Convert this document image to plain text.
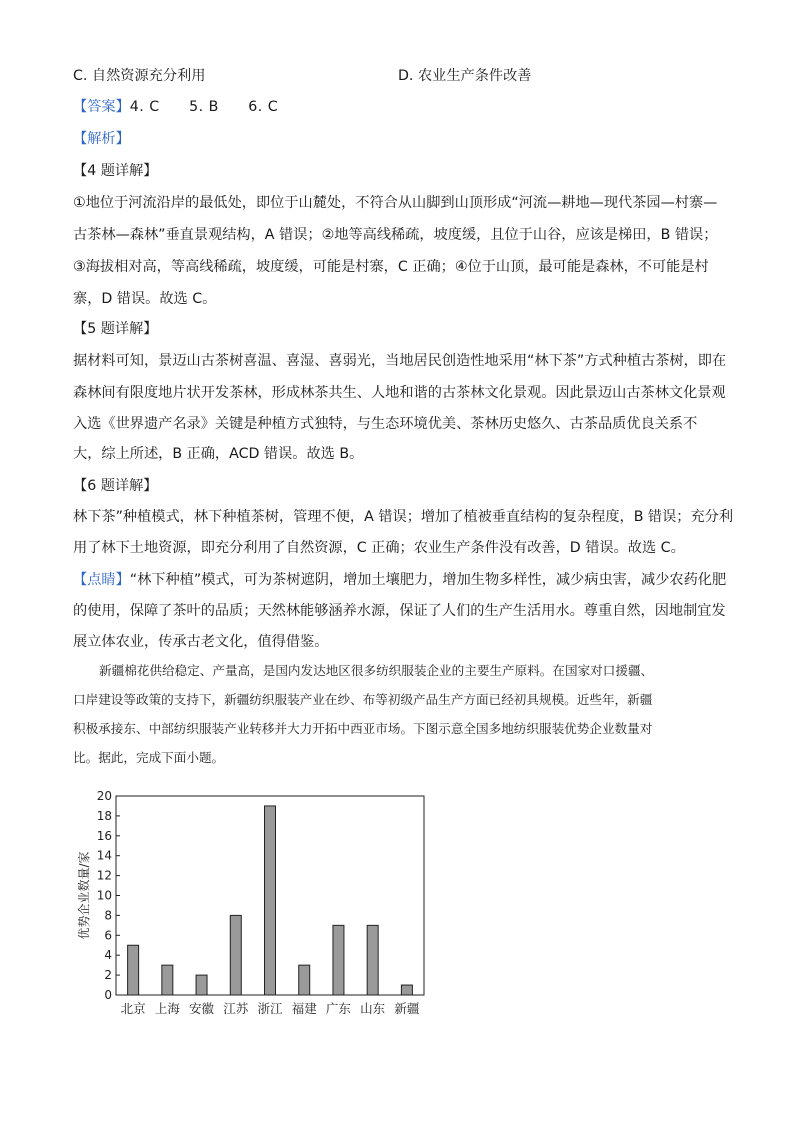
C. 自然资源充分利用	D. 农业生产条件改善
【答案】4. C　　5. B　　6. C
【解析】
【4 题详解】
①地位于河流沿岸的最低处，即位于山麓处，不符合从山脚到山顶形成“河流—耕地—现代茶园—村寨—
古茶林—森林”垂直景观结构，A 错误；②地等高线稀疏，坡度缓，且位于山谷，应该是梯田，B 错误；
③海拔相对高，等高线稀疏，坡度缓，可能是村寨，C 正确；④位于山顶，最可能是森林，不可能是村
寨，D 错误。故选 C。
【5 题详解】
据材料可知，景迈山古茶树喜温、喜湿、喜弱光，当地居民创造性地采用“林下茶”方式种植古茶树，即在
森林间有限度地片状开发茶林，形成林茶共生、人地和谐的古茶林文化景观。因此景迈山古茶林文化景观
入选《世界遗产名录》关键是种植方式独特，与生态环境优美、茶林历史悠久、古茶品质优良关系不
大，综上所述，B 正确，ACD 错误。故选 B。
【6 题详解】
林下茶”种植模式，林下种植茶树，管理不便，A 错误；增加了植被垂直结构的复杂程度，B 错误；充分利
用了林下土地资源，即充分利用了自然资源，C 正确；农业生产条件没有改善，D 错误。故选 C。
【点睛】“林下种植”模式，可为茶树遮阴，增加土壤肥力，增加生物多样性，减少病虫害，减少农药化肥
的使用，保障了茶叶的品质；天然林能够涵养水源，保证了人们的生产生活用水。尊重自然，因地制宜发
展立体农业，传承古老文化，值得借鉴。
新疆棉花供给稳定、产量高，是国内发达地区很多纺织服装企业的主要生产原料。在国家对口援疆、
口岸建设等政策的支持下，新疆纺织服装产业在纱、布等初级产品生产方面已经初具规模。近些年，新疆
积极承接东、中部纺织服装产业转移并大力开拓中西亚市场。下图示意全国多地纺织服装优势企业数量对
比。据此，完成下面小题。
0
2
4
6
8
10
12
14
16
18
20
优势企业数量/家
北京 上海 安徽 江苏 浙江 福建 广东 山东 新疆
